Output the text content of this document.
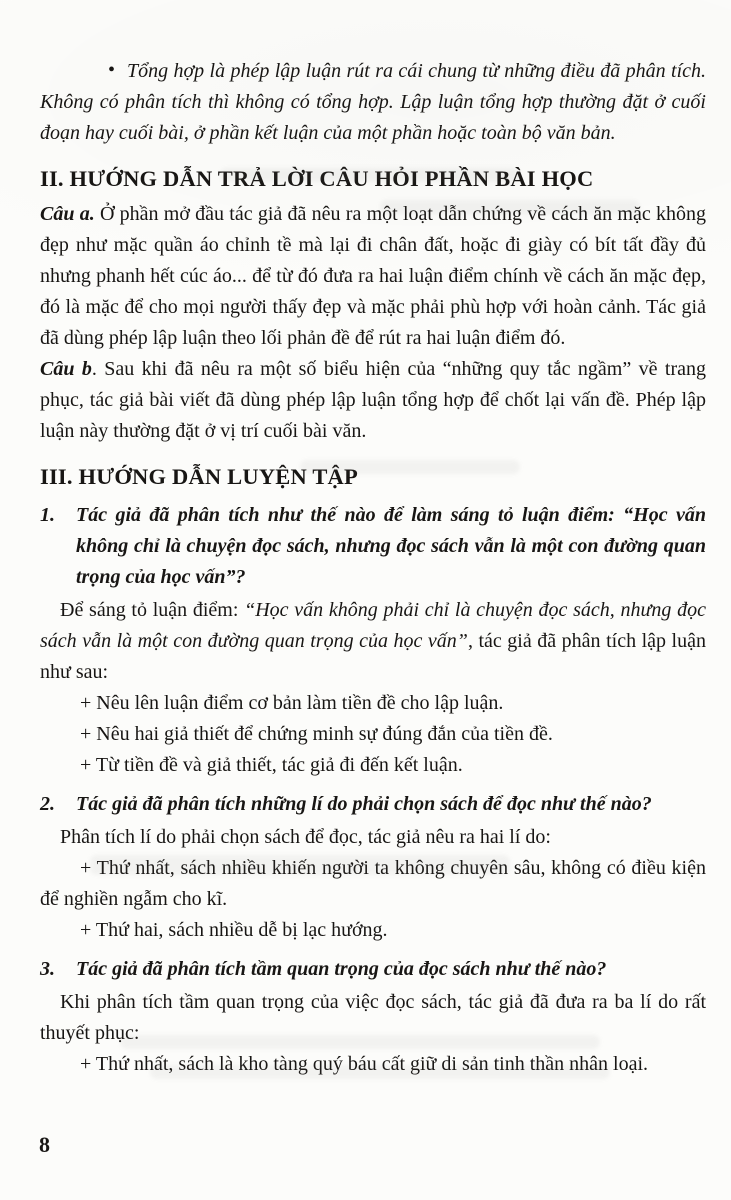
• Tổng hợp là phép lập luận rút ra cái chung từ những điều đã phân tích. Không có phân tích thì không có tổng hợp. Lập luận tổng hợp thường đặt ở cuối đoạn hay cuối bài, ở phần kết luận của một phần hoặc toàn bộ văn bản.

II. HƯỚNG DẪN TRẢ LỜI CÂU HỎI PHẦN BÀI HỌC

Câu a. Ở phần mở đầu tác giả đã nêu ra một loạt dẫn chứng về cách ăn mặc không đẹp như mặc quần áo chỉnh tề mà lại đi chân đất, hoặc đi giày có bít tất đầy đủ nhưng phanh hết cúc áo... để từ đó đưa ra hai luận điểm chính về cách ăn mặc đẹp, đó là mặc để cho mọi người thấy đẹp và mặc phải phù hợp với hoàn cảnh. Tác giả đã dùng phép lập luận theo lối phản đề để rút ra hai luận điểm đó.

Câu b. Sau khi đã nêu ra một số biểu hiện của “những quy tắc ngầm” về trang phục, tác giả bài viết đã dùng phép lập luận tổng hợp để chốt lại vấn đề. Phép lập luận này thường đặt ở vị trí cuối bài văn.

III. HƯỚNG DẪN LUYỆN TẬP

1. Tác giả đã phân tích như thế nào để làm sáng tỏ luận điểm: “Học vấn không chỉ là chuyện đọc sách, nhưng đọc sách vẫn là một con đường quan trọng của học vấn”?

Để sáng tỏ luận điểm: “Học vấn không phải chỉ là chuyện đọc sách, nhưng đọc sách vẫn là một con đường quan trọng của học vấn”, tác giả đã phân tích lập luận như sau:

+ Nêu lên luận điểm cơ bản làm tiền đề cho lập luận.

+ Nêu hai giả thiết để chứng minh sự đúng đắn của tiền đề.

+ Từ tiền đề và giả thiết, tác giả đi đến kết luận.

2. Tác giả đã phân tích những lí do phải chọn sách để đọc như thế nào?

Phân tích lí do phải chọn sách để đọc, tác giả nêu ra hai lí do:

+ Thứ nhất, sách nhiều khiến người ta không chuyên sâu, không có điều kiện để nghiền ngẫm cho kĩ.

+ Thứ hai, sách nhiều dễ bị lạc hướng.

3. Tác giả đã phân tích tầm quan trọng của đọc sách như thế nào?

Khi phân tích tầm quan trọng của việc đọc sách, tác giả đã đưa ra ba lí do rất thuyết phục:

+ Thứ nhất, sách là kho tàng quý báu cất giữ di sản tinh thần nhân loại.

8
